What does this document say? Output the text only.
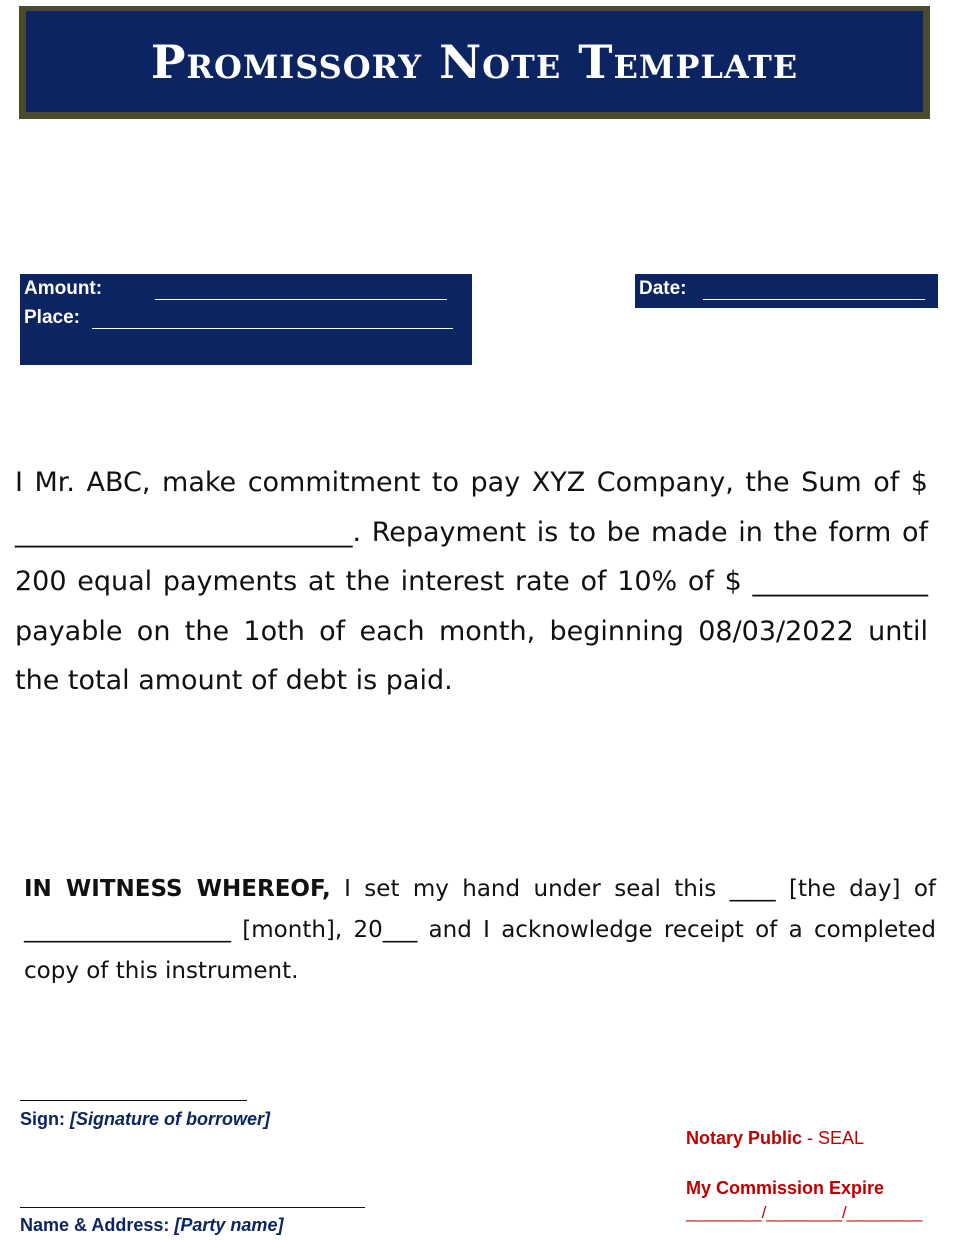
Promissory Note Template
Amount:
Place:
Date:

I Mr. ABC, make commitment to pay XYZ Company, the Sum of $ _________________________. Repayment is to be made in the form of 200 equal payments at the interest rate of 10% of $ _____________ payable on the 1oth of each month, beginning 08/03/2022 until the total amount of debt is paid.

IN WITNESS WHEREOF, I set my hand under seal this ____ [the day] of __________________ [month], 20___ and I acknowledge receipt of a completed copy of this instrument.

Sign: [Signature of borrower]
Name & Address: [Party name]
Notary Public - SEAL
My Commission Expire
________/________/________
